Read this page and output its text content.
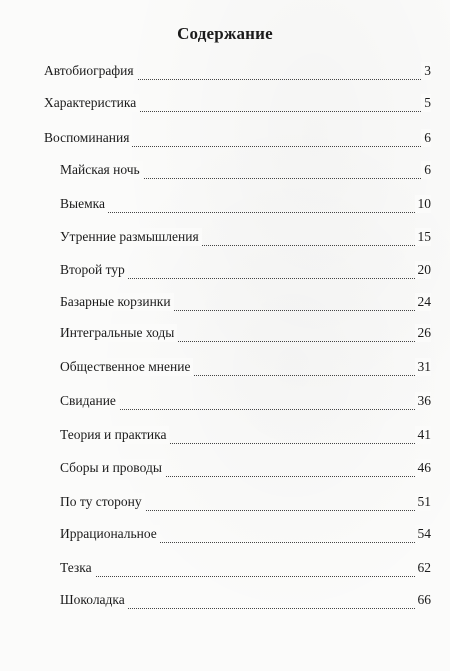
Содержание
Автобиография	3
Характеристика	5
Воспоминания	6
Майская ночь	6
Выемка	10
Утренние размышления	15
Второй тур	20
Базарные корзинки	24
Интегральные ходы	26
Общественное мнение	31
Свидание	36
Теория и практика	41
Сборы и проводы	46
По ту сторону	51
Иррациональное	54
Тезка	62
Шоколадка	66
